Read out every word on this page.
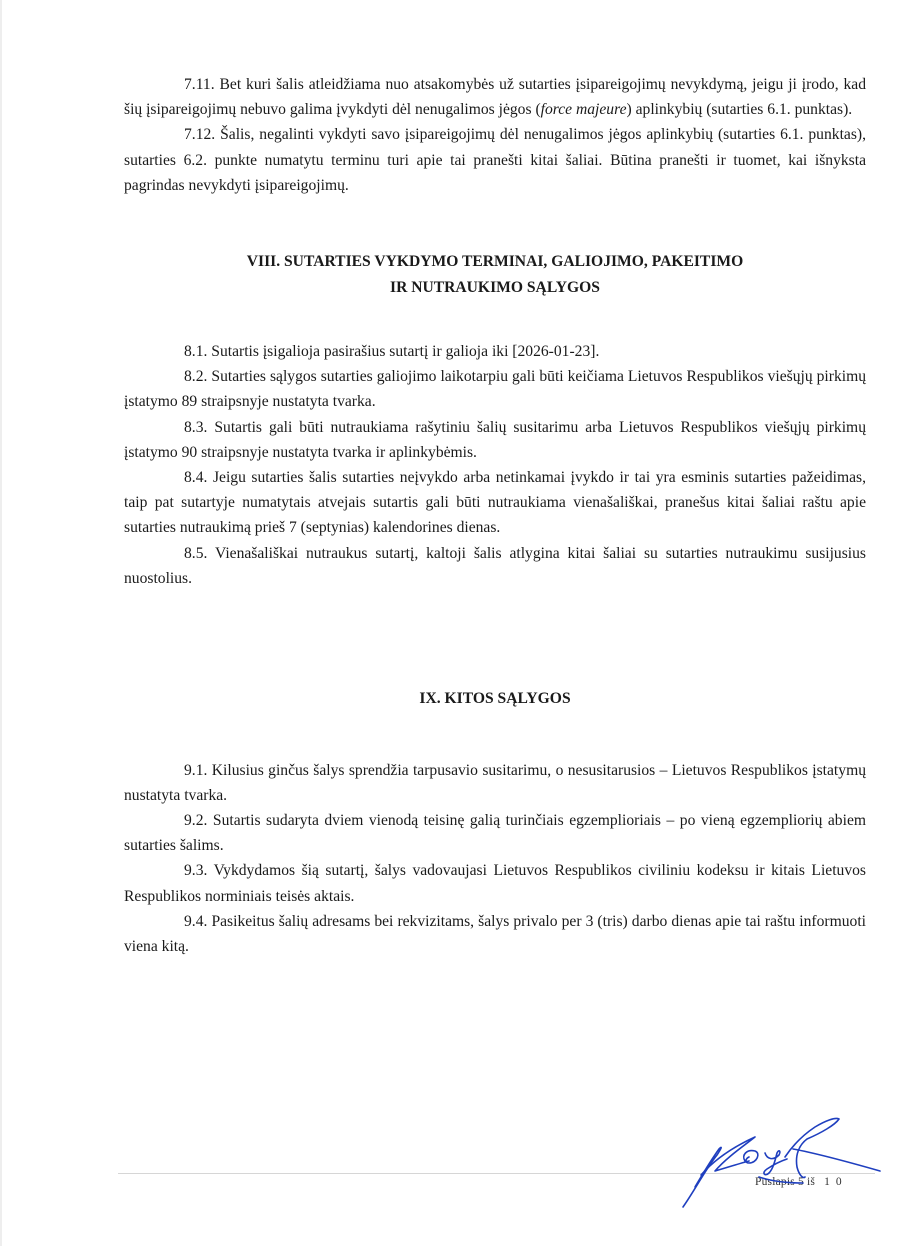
7.11. Bet kuri šalis atleidžiama nuo atsakomybės už sutarties įsipareigojimų nevykdymą, jeigu ji įrodo, kad šių įsipareigojimų nebuvo galima įvykdyti dėl nenugalimos jėgos (force majeure) aplinkybių (sutarties 6.1. punktas).

7.12. Šalis, negalinti vykdyti savo įsipareigojimų dėl nenugalimos jėgos aplinkybių (sutarties 6.1. punktas), sutarties 6.2. punkte numatytu terminu turi apie tai pranešti kitai šaliai. Būtina pranešti ir tuomet, kai išnyksta pagrindas nevykdyti įsipareigojimų.

VIII. SUTARTIES VYKDYMO TERMINAI, GALIOJIMO, PAKEITIMO
IR NUTRAUKIMO SĄLYGOS

8.1. Sutartis įsigalioja pasirašius sutartį ir galioja iki [2026-01-23].

8.2. Sutarties sąlygos sutarties galiojimo laikotarpiu gali būti keičiama Lietuvos Respublikos viešųjų pirkimų įstatymo 89 straipsnyje nustatyta tvarka.

8.3. Sutartis gali būti nutraukiama rašytiniu šalių susitarimu arba Lietuvos Respublikos viešųjų pirkimų įstatymo 90 straipsnyje nustatyta tvarka ir aplinkybėmis.

8.4. Jeigu sutarties šalis sutarties neįvykdo arba netinkamai įvykdo ir tai yra esminis sutarties pažeidimas, taip pat sutartyje numatytais atvejais sutartis gali būti nutraukiama vienašališkai, pranešus kitai šaliai raštu apie sutarties nutraukimą prieš 7 (septynias) kalendorines dienas.

8.5. Vienašališkai nutraukus sutartį, kaltoji šalis atlygina kitai šaliai su sutarties nutraukimu susijusius nuostolius.

IX. KITOS SĄLYGOS

9.1. Kilusius ginčus šalys sprendžia tarpusavio susitarimu, o nesusitarusios – Lietuvos Respublikos įstatymų nustatyta tvarka.

9.2. Sutartis sudaryta dviem vienodą teisinę galią turinčiais egzemplioriais – po vieną egzempliorių abiem sutarties šalims.

9.3. Vykdydamos šią sutartį, šalys vadovaujasi Lietuvos Respublikos civiliniu kodeksu ir kitais Lietuvos Respublikos norminiais teisės aktais.

9.4. Pasikeitus šalių adresams bei rekvizitams, šalys privalo per 3 (tris) darbo dienas apie tai raštu informuoti viena kitą.

Puslapis 5 iš 10
